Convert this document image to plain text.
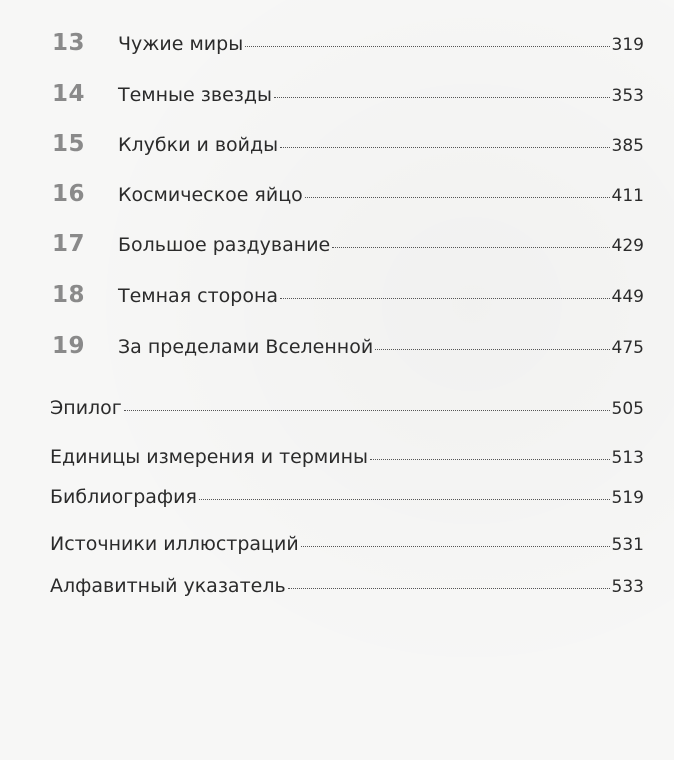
13	Чужие миры	319
14	Темные звезды	353
15	Клубки и войды	385
16	Космическое яйцо	411
17	Большое раздувание	429
18	Темная сторона	449
19	За пределами Вселенной	475
Эпилог	505
Единицы измерения и термины	513
Библиография	519
Источники иллюстраций	531
Алфавитный указатель	533
